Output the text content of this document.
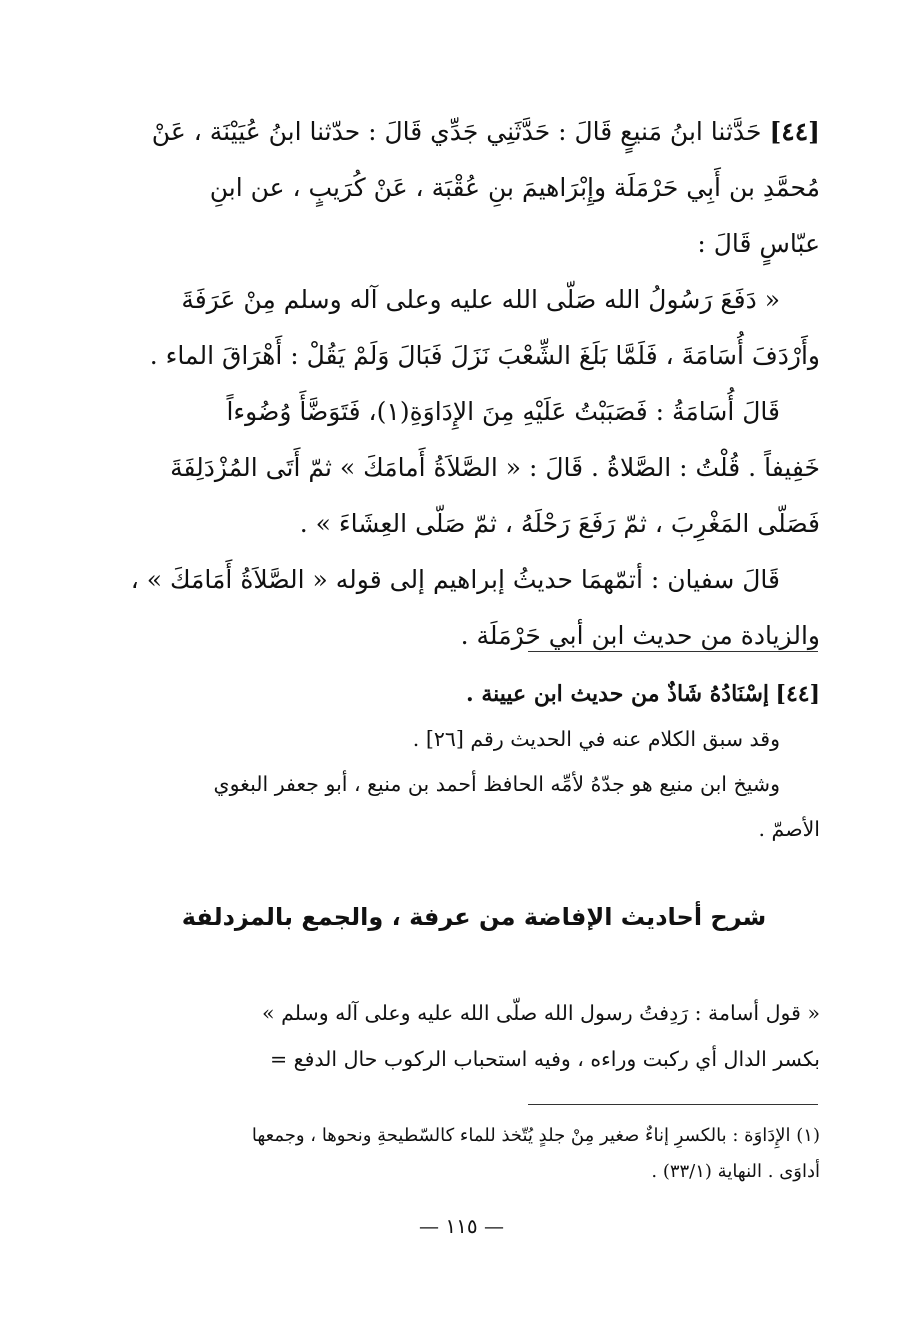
[٤٤] حَدَّثنا ابنُ مَنيعٍ قَالَ : حَدَّثَنِي جَدِّي قَالَ : حدّثنا ابنُ عُيَيْنَة ، عَنْ
مُحمَّدِ بن أَبِي حَرْمَلَة وإِبْرَاهيمَ بنِ عُقْبَة ، عَنْ كُرَيبٍ ، عن ابنِ
عبّاسٍ قَالَ :
« دَفَعَ رَسُولُ الله صَلّى الله عليه وعلى آله وسلم مِنْ عَرَفَةَ
وأَرْدَفَ أُسَامَةَ ، فَلَمَّا بَلَغَ الشِّعْبَ نَزَلَ فَبَالَ وَلَمْ يَقُلْ : أَهْرَاقَ الماء .
قَالَ أُسَامَةُ : فَصَبَبْتُ عَلَيْهِ مِنَ الإِدَاوَةِ(١)، فَتَوَضَّأَ وُضُوءاً
خَفِيفاً . قُلْتُ : الصَّلاةُ . قَالَ : « الصَّلاَةُ أَمامَكَ » ثمّ أَتَى المُزْدَلِفَةَ
فَصَلّى المَغْرِبَ ، ثمّ رَفَعَ رَحْلَهُ ، ثمّ صَلّى العِشَاءَ » .
قَالَ سفيان : أتمّهمَا حديثُ إبراهيم إلى قوله « الصَّلاَةُ أَمَامَكَ » ،
والزيادة من حديث ابن أبي حَرْمَلَة .
[٤٤] إسْنَادُهُ شَاذٌ من حديث ابن عيينة .
وقد سبق الكلام عنه في الحديث رقم [٢٦] .
وشيخ ابن منيع هو جدّهُ لأمِّه الحافظ أحمد بن منيع ، أبو جعفر البغوي
الأصمّ .
شرح أحاديث الإفاضة من عرفة ، والجمع بالمزدلفة
« قول أسامة : رَدِفتُ رسول الله صلّى الله عليه وعلى آله وسلم »
بكسر الدال أي ركبت وراءه ، وفيه استحباب الركوب حال الدفع =
(١) الإِدَاوَة : بالكسرِ إناءٌ صغير مِنْ جلدٍ يُتّخذ للماء كالسّطيحةِ ونحوها ، وجمعها
أداوَى . النهاية (٣٣/١) .
— ١١٥ —
